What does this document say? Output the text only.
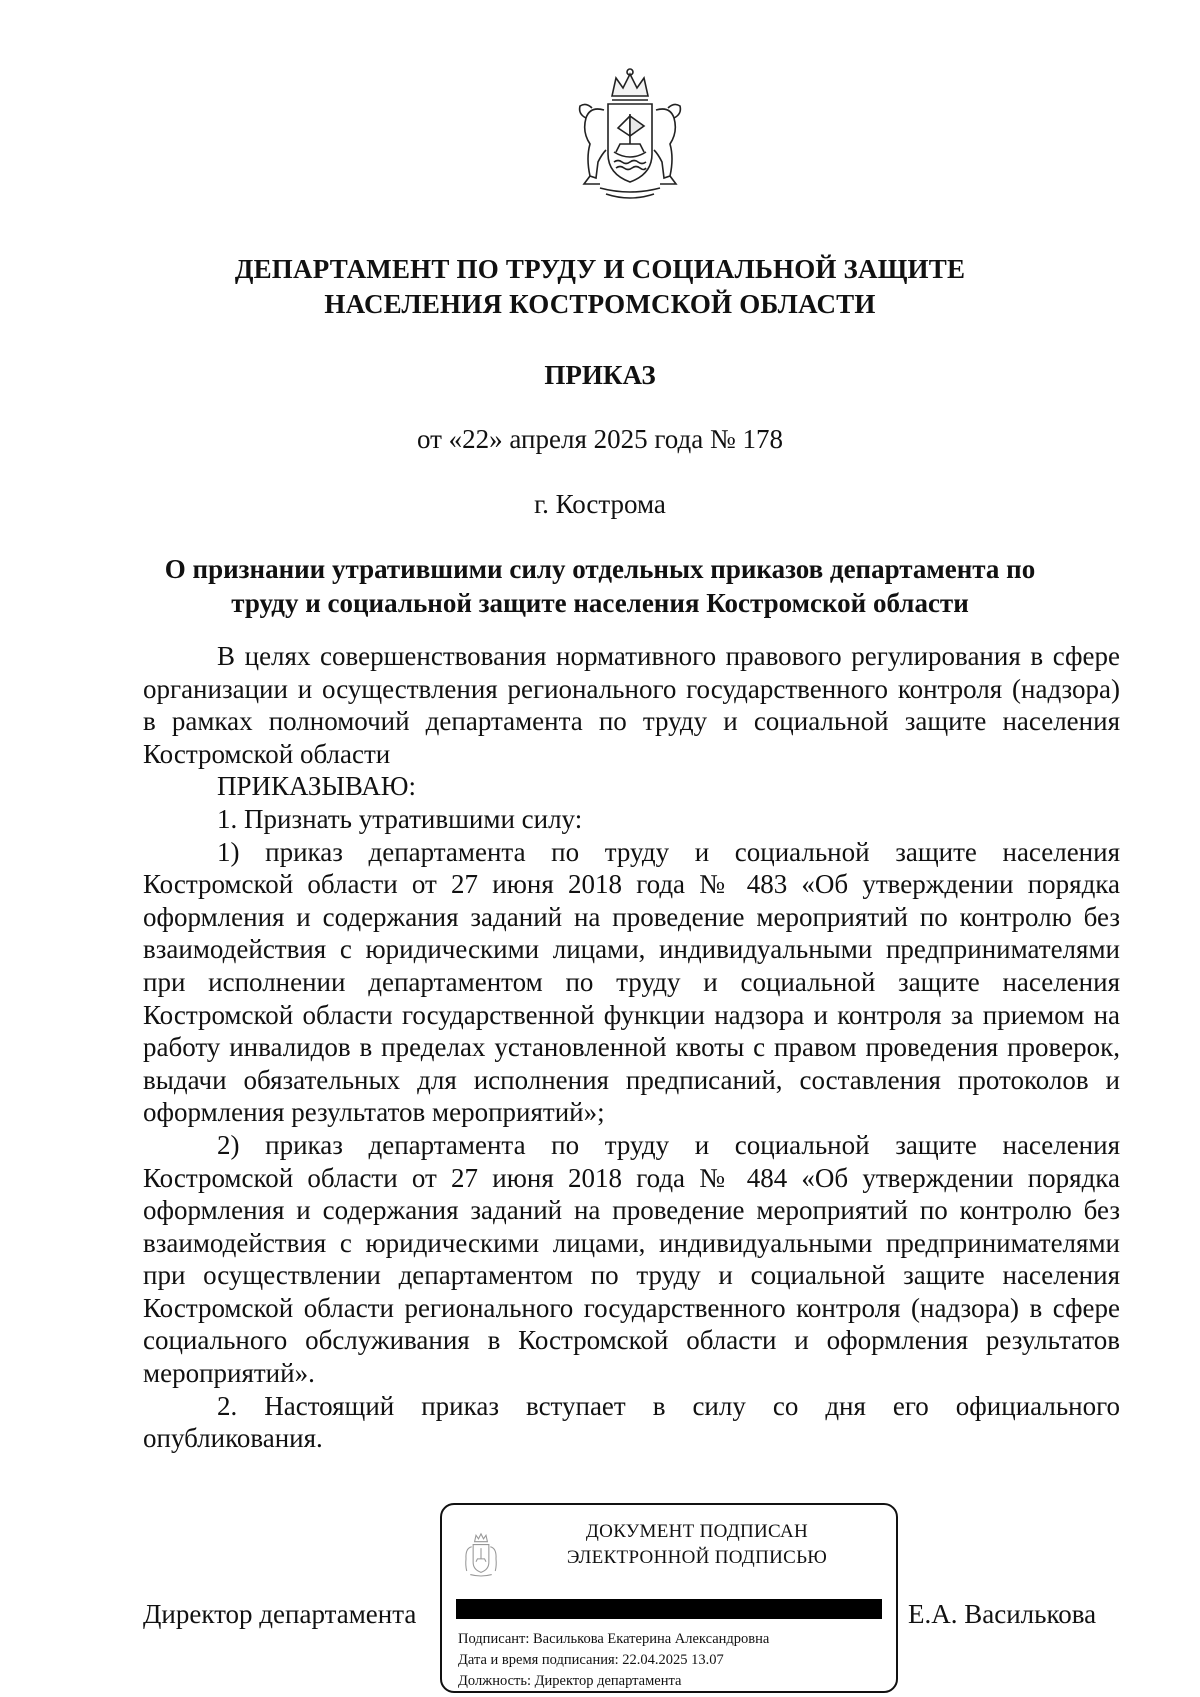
ДЕПАРТАМЕНТ ПО ТРУДУ И СОЦИАЛЬНОЙ ЗАЩИТЕ
НАСЕЛЕНИЯ КОСТРОМСКОЙ ОБЛАСТИ
ПРИКАЗ
от «22» апреля 2025 года № 178
г. Кострома
О признании утратившими силу отдельных приказов департамента по
труду и социальной защите населения Костромской области

В целях совершенствования нормативного правового регулирования в сфере организации и осуществления регионального государственного контроля (надзора) в рамках полномочий департамента по труду и социальной защите населения Костромской области

ПРИКАЗЫВАЮ:

1. Признать утратившими силу:

1) приказ департамента по труду и социальной защите населения Костромской области от 27 июня 2018 года № 483 «Об утверждении порядка оформления и содержания заданий на проведение мероприятий по контролю без взаимодействия с юридическими лицами, индивидуальными предпринимателями при исполнении департаментом по труду и социальной защите населения Костромской области государственной функции надзора и контроля за приемом на работу инвалидов в пределах установленной квоты с правом проведения проверок, выдачи обязательных для исполнения предписаний, составления протоколов и оформления результатов мероприятий»;

2) приказ департамента по труду и социальной защите населения Костромской области от 27 июня 2018 года № 484 «Об утверждении порядка оформления и содержания заданий на проведение мероприятий по контролю без взаимодействия с юридическими лицами, индивидуальными предпринимателями при осуществлении департаментом по труду и социальной защите населения Костромской области регионального государственного контроля (надзора) в сфере социального обслуживания в Костромской области и оформления результатов мероприятий».

2. Настоящий приказ вступает в силу со дня его официального опубликования.

Директор департамента	Е.А. Василькова
ДОКУМЕНТ ПОДПИСАН
ЭЛЕКТРОННОЙ ПОДПИСЬЮ
Подписант: Василькова Екатерина Александровна
Дата и время подписания: 22.04.2025 13.07
Должность: Директор департамента
